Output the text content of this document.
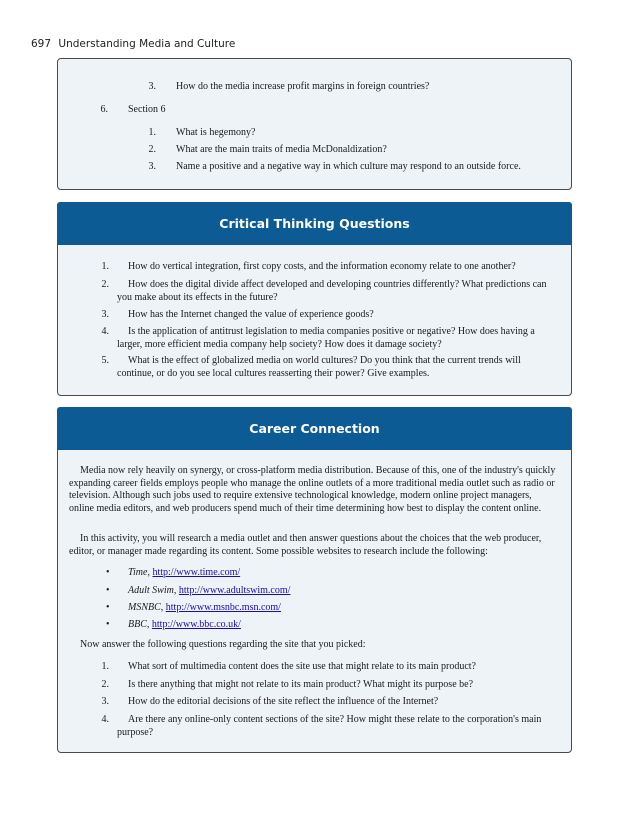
697 Understanding Media and Culture
3. How do the media increase profit margins in foreign countries?
6. Section 6
1. What is hegemony?
2. What are the main traits of media McDonaldization?
3. Name a positive and a negative way in which culture may respond to an outside force.
Critical Thinking Questions
1. How do vertical integration, first copy costs, and the information economy relate to one another?
2. How does the digital divide affect developed and developing countries differently? What predictions can
you make about its effects in the future?
3. How has the Internet changed the value of experience goods?
4. Is the application of antitrust legislation to media companies positive or negative? How does having a
larger, more efficient media company help society? How does it damage society?
5. What is the effect of globalized media on world cultures? Do you think that the current trends will
continue, or do you see local cultures reasserting their power? Give examples.
Career Connection
Media now rely heavily on synergy, or cross-platform media distribution. Because of this, one of the industry's quickly expanding career fields employs people who manage the online outlets of a more traditional media outlet such as radio or television. Although such jobs used to require extensive technological knowledge, modern online project managers, online media editors, and web producers spend much of their time determining how best to display the content online.
In this activity, you will research a media outlet and then answer questions about the choices that the web producer, editor, or manager made regarding its content. Some possible websites to research include the following:
• Time, http://www.time.com/
• Adult Swim, http://www.adultswim.com/
• MSNBC, http://www.msnbc.msn.com/
• BBC, http://www.bbc.co.uk/
Now answer the following questions regarding the site that you picked:
1. What sort of multimedia content does the site use that might relate to its main product?
2. Is there anything that might not relate to its main product? What might its purpose be?
3. How do the editorial decisions of the site reflect the influence of the Internet?
4. Are there any online-only content sections of the site? How might these relate to the corporation's main
purpose?
